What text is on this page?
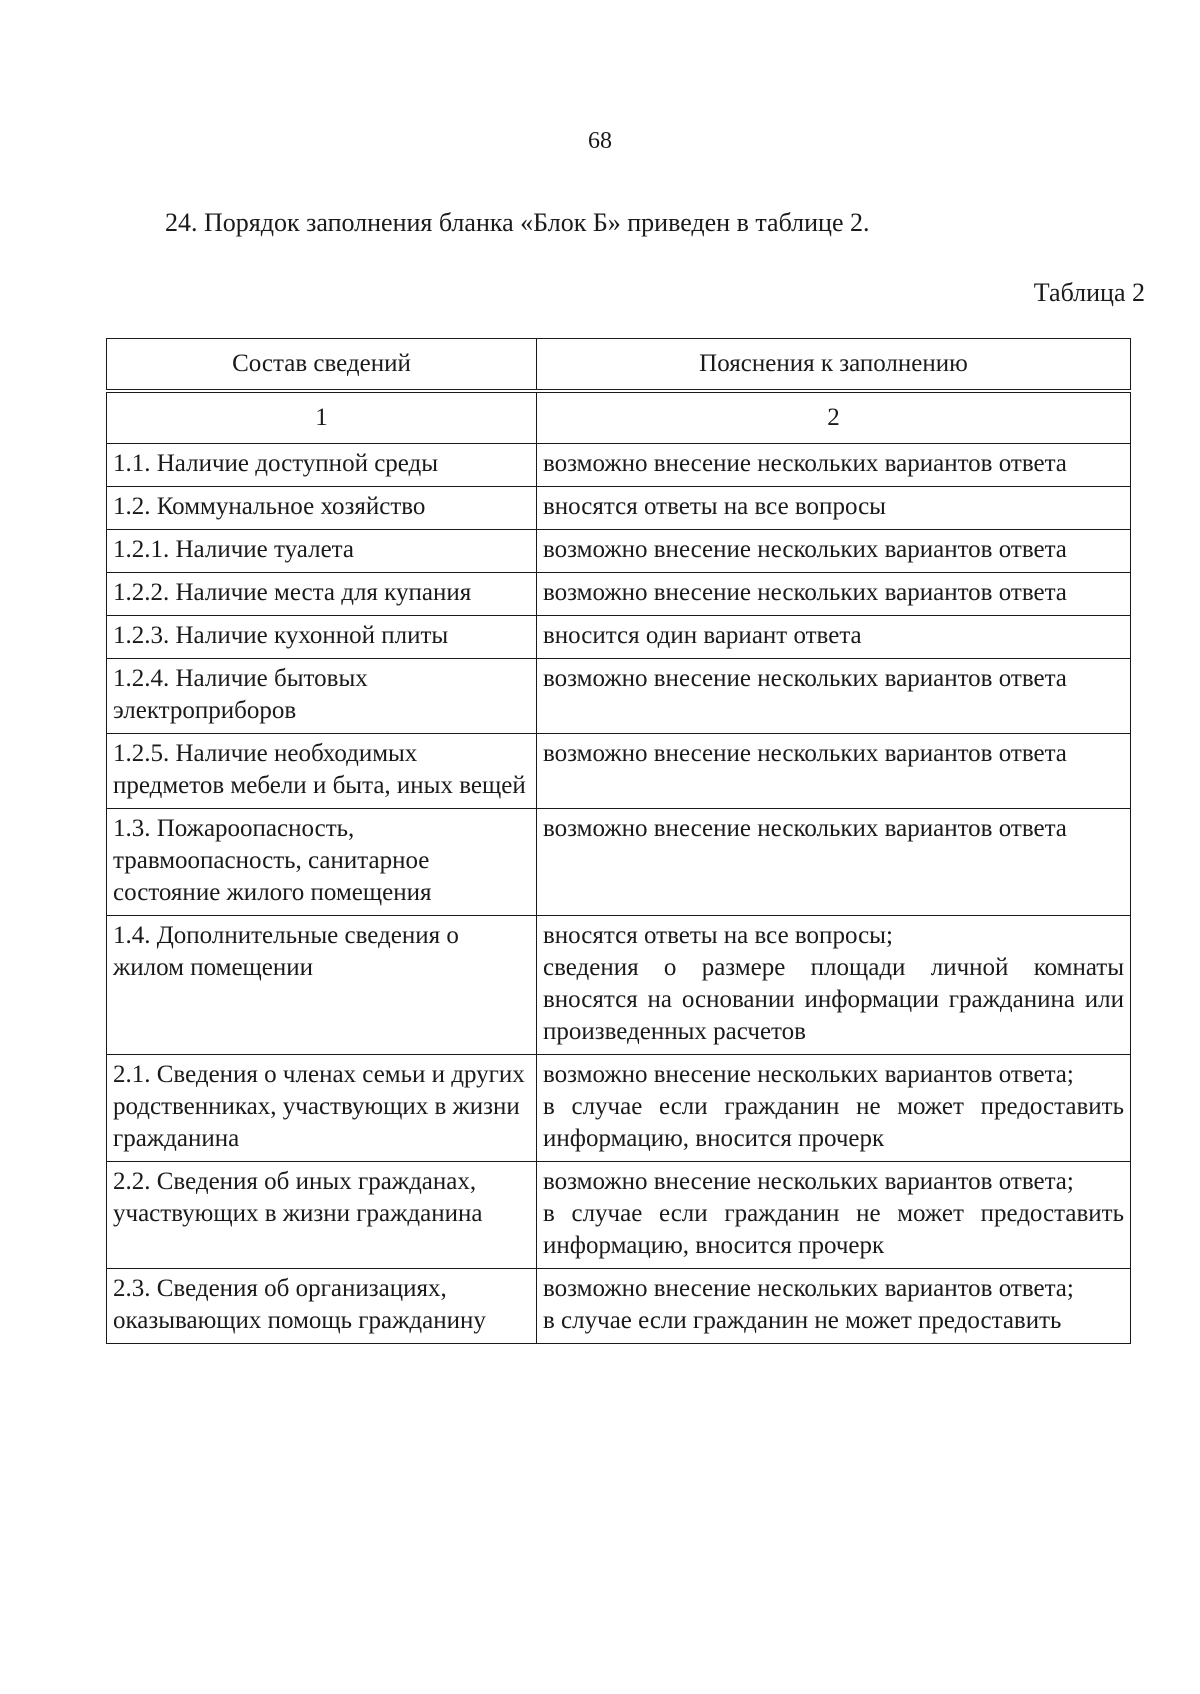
68
24. Порядок заполнения бланка «Блок Б» приведен в таблице 2.
Таблица 2
Состав сведений	Пояснения к заполнению
1	2
1.1. Наличие доступной среды	возможно внесение нескольких вариантов ответа

1.2. Коммунальное хозяйство	вносятся ответы на все вопросы

1.2.1. Наличие туалета	возможно внесение нескольких вариантов ответа

1.2.2. Наличие места для купания	возможно внесение нескольких вариантов ответа

1.2.3. Наличие кухонной плиты	вносится один вариант ответа

1.2.4. Наличие бытовых электроприборов	возможно внесение нескольких вариантов ответа

1.2.5. Наличие необходимых предметов мебели и быта, иных вещей	возможно внесение нескольких вариантов ответа

1.3. Пожароопасность, травмоопасность, санитарное состояние жилого помещения	возможно внесение нескольких вариантов ответа

1.4. Дополнительные сведения о жилом помещении	вносятся ответы на все вопросы;
сведения о размере площади личной комнаты вносятся на основании информации гражданина или произведенных расчетов

2.1. Сведения о членах семьи и других родственниках, участвующих в жизни гражданина	возможно внесение нескольких вариантов ответа;
в случае если гражданин не может предоставить информацию, вносится прочерк

2.2. Сведения об иных гражданах, участвующих в жизни гражданина	возможно внесение нескольких вариантов ответа;
в случае если гражданин не может предоставить информацию, вносится прочерк

2.3. Сведения об организациях, оказывающих помощь гражданину	возможно внесение нескольких вариантов ответа;
в случае если гражданин не может предоставить
